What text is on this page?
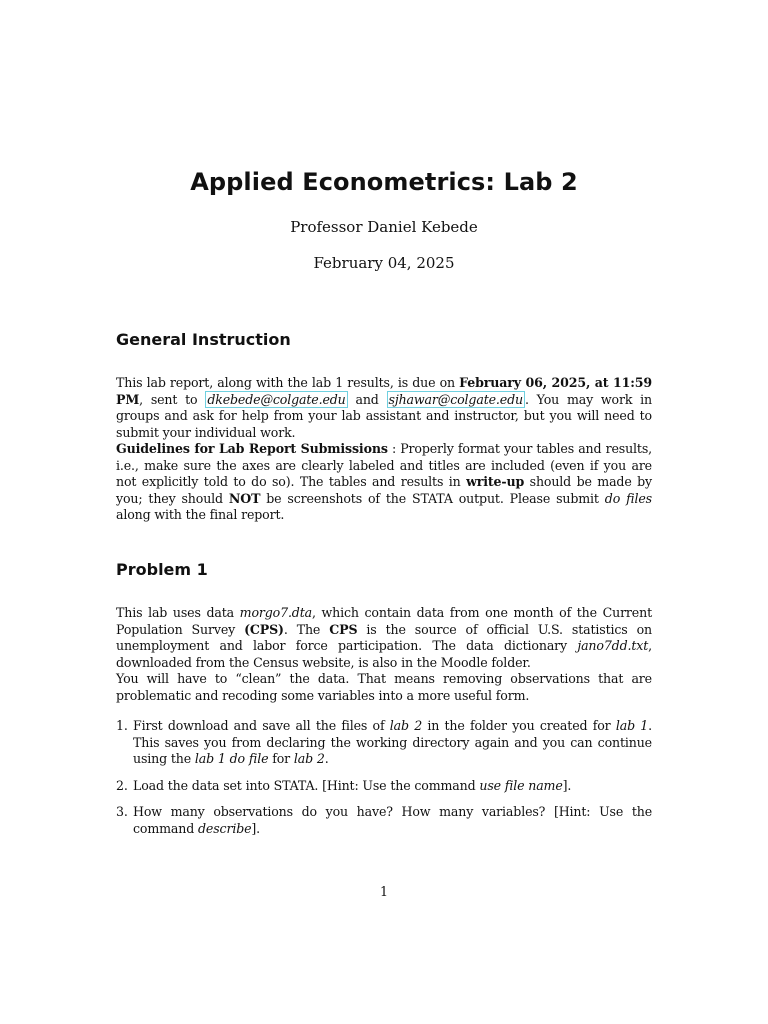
Applied Econometrics: Lab 2
Professor Daniel Kebede
February 04, 2025
General Instruction

This lab report, along with the lab 1 results, is due on February 06, 2025, at 11:59 PM, sent to dkebede@colgate.edu and sjhawar@colgate.edu . You may work in groups and ask for help from your lab assistant and instructor, but you will need to submit your individual work.

Guidelines for Lab Report Submissions : Properly format your tables and results, i.e., make sure the axes are clearly labeled and titles are included (even if you are not explicitly told to do so). The tables and results in write-up should be made by you; they should NOT be screenshots of the STATA output. Please submit do files along with the final report.

Problem 1

This lab uses data morgo7.dta, which contain data from one month of the Current Population Survey (CPS). The CPS is the source of official U.S. statistics on unemployment and labor force participation. The data dictionary jano7dd.txt, downloaded from the Census website, is also in the Moodle folder.

You will have to “clean” the data. That means removing observations that are problematic and recoding some variables into a more useful form.

1. First download and save all the files of lab 2 in the folder you created for lab 1. This saves you from declaring the working directory again and you can continue using the lab 1 do file for lab 2.
2. Load the data set into STATA. [Hint: Use the command use file name].
3. How many observations do you have? How many variables? [Hint: Use the command describe].
1
